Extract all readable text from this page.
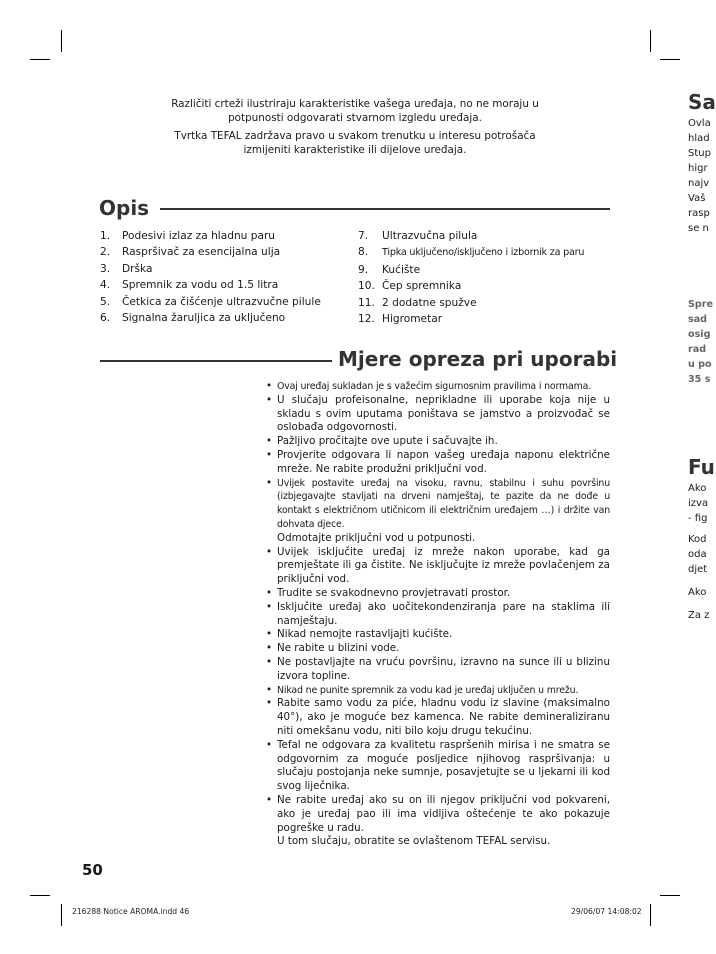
Različiti crteži ilustriraju karakteristike vašega uređaja, no ne moraju u potpunosti odgovarati stvarnom izgledu uređaja.

Tvrtka TEFAL zadržava pravo u svakom trenutku u interesu potrošača izmijeniti karakteristike ili dijelove uređaja.

Opis
1. Podesivi izlaz za hladnu paru
2. Raspršivač za esencijalna ulja
3. Drška
4. Spremnik za vodu od 1.5 litra
5. Četkica za čišćenje ultrazvučne pilule
6. Signalna žaruljica za uključeno
7. Ultrazvučna pilula
8. Tipka uključeno/isključeno i izbornik za paru
9. Kućište
10. Čep spremnika
11. 2 dodatne spužve
12. Higrometar
Mjere opreza pri uporabi
• Ovaj uređaj sukladan je s važećim sigurnosnim pravilima i normama.
• U slučaju profeisonalne, neprikladne ili uporabe koja nije u skladu s ovim uputama poništava se jamstvo a proizvođač se oslobađa odgovornosti.
• Pažljivo pročitajte ove upute i sačuvajte ih.
• Provjerite odgovara li napon vašeg uređaja naponu električne mreže. Ne rabite produžni priključni vod.
• Uvijek postavite uređaj na visoku, ravnu, stabilnu i suhu površinu (izbjegavajte stavljati na drveni namještaj, te pazite da ne dođe u kontakt s električnom utičnicom ili električnim uređajem …) i držite van dohvata djece.
Odmotajte priključni vod u potpunosti.
• Uvijek isključite uređaj iz mreže nakon uporabe, kad ga premještate ili ga čistite. Ne isključujte iz mreže povlačenjem za priključni vod.
• Trudite se svakodnevno provjetravati prostor.
• Isključite uređaj ako uočitekondenziranja pare na staklima ili namještaju.
• Nikad nemojte rastavljajti kućište.
• Ne rabite u blizini vode.
• Ne postavljajte na vruću površinu, izravno na sunce ili u blizinu izvora topline.
• Nikad ne punite spremnik za vodu kad je uređaj uključen u mrežu.
• Rabite samo vodu za piće, hladnu vodu iz slavine (maksimalno 40°), ako je moguće bez kamenca. Ne rabite demineraliziranu niti omekšanu vodu, niti bilo koju drugu tekućinu.
• Tefal ne odgovara za kvalitetu raspršenih mirisa i ne smatra se odgovornim za moguće posljedice njihovog raspršivanja: u slučaju postojanja neke sumnje, posavjetujte se u ljekarni ili kod svog liječnika.
• Ne rabite uređaj ako su on ili njegov priključni vod pokvareni, ako je uređaj pao ili ima vidljiva oštećenje te ako pokazuje pogreške u radu.
U tom slučaju, obratite se ovlaštenom TEFAL servisu.
50
216288 Notice AROMA.indd 46	29/06/07 14:08:02
Sa
Ovla
hlad
Stup
higr
najv
Vaš
rasp
se n
Spre
sad
osig
rad
u po
35 s
Fu
Ako
izva
- fig
Kod
oda
djet
Ako
Za z
